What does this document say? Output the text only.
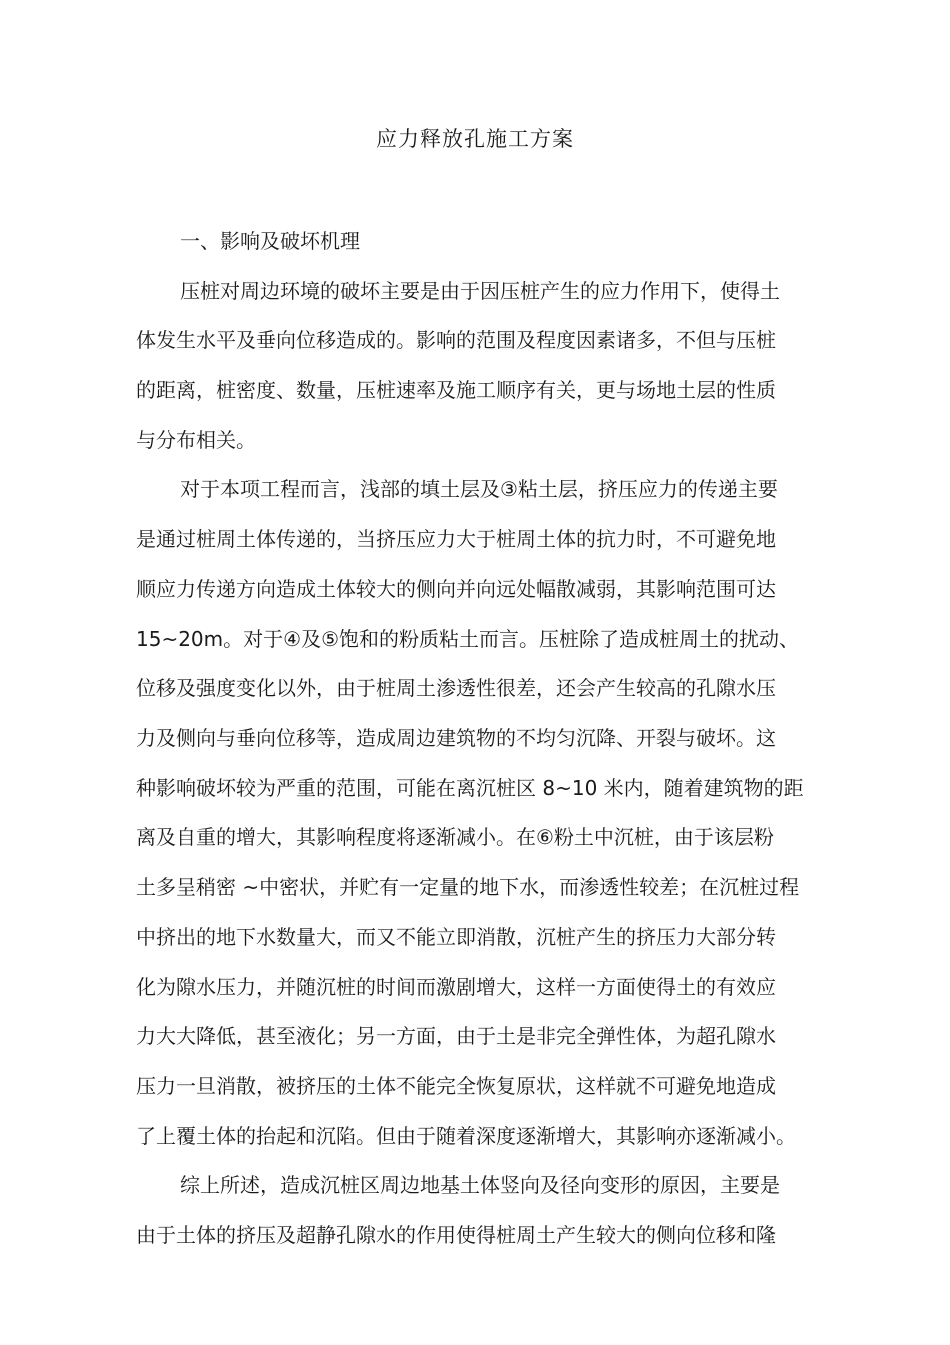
应力释放孔施工方案
一、影响及破坏机理
压桩对周边环境的破坏主要是由于因压桩产生的应力作用下，使得土
体发生水平及垂向位移造成的。影响的范围及程度因素诸多，不但与压桩
的距离，桩密度、数量，压桩速率及施工顺序有关，更与场地土层的性质
与分布相关。
对于本项工程而言，浅部的填土层及③粘土层，挤压应力的传递主要
是通过桩周土体传递的，当挤压应力大于桩周土体的抗力时，不可避免地
顺应力传递方向造成土体较大的侧向并向远处幅散减弱，其影响范围可达
15~20m。对于④及⑤饱和的粉质粘土而言。压桩除了造成桩周土的扰动、
位移及强度变化以外，由于桩周土渗透性很差，还会产生较高的孔隙水压
力及侧向与垂向位移等，造成周边建筑物的不均匀沉降、开裂与破坏。这
种影响破坏较为严重的范围，可能在离沉桩区 8~10 米内，随着建筑物的距
离及自重的增大，其影响程度将逐渐减小。在⑥粉土中沉桩，由于该层粉
土多呈稍密 ~中密状，并贮有一定量的地下水，而渗透性较差；在沉桩过程
中挤出的地下水数量大，而又不能立即消散，沉桩产生的挤压力大部分转
化为隙水压力，并随沉桩的时间而激剧增大，这样一方面使得土的有效应
力大大降低，甚至液化；另一方面，由于土是非完全弹性体，为超孔隙水
压力一旦消散，被挤压的土体不能完全恢复原状，这样就不可避免地造成
了上覆土体的抬起和沉陷。但由于随着深度逐渐增大，其影响亦逐渐减小。
综上所述，造成沉桩区周边地基土体竖向及径向变形的原因，主要是
由于土体的挤压及超静孔隙水的作用使得桩周土产生较大的侧向位移和隆
